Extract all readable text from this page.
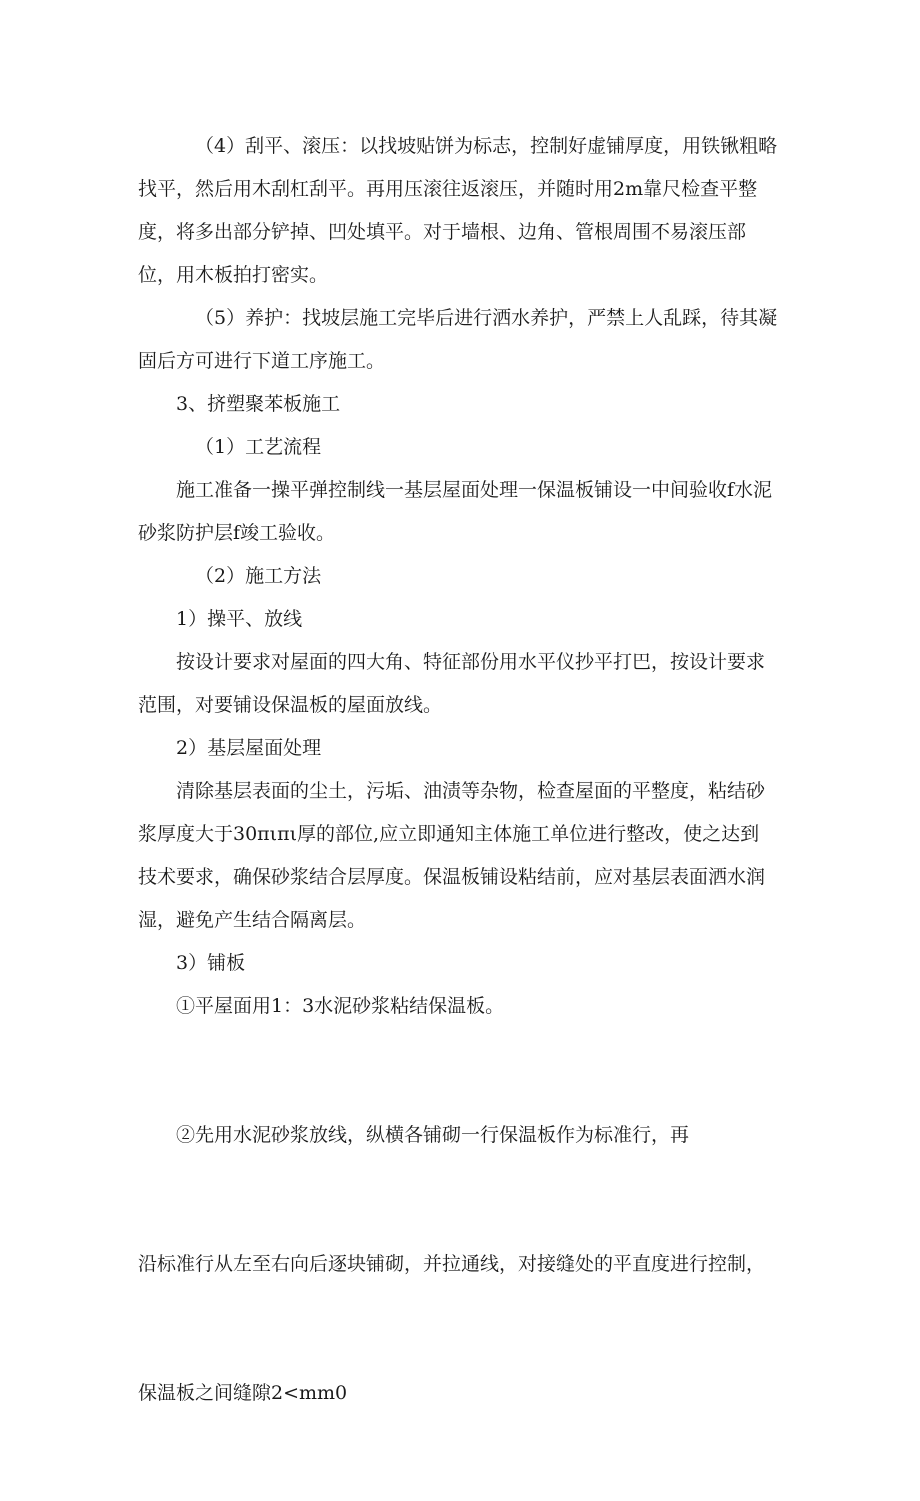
（4）刮平、滚压：以找坡贴饼为标志，控制好虚铺厚度，用铁锹粗略找平，然后用木刮杠刮平。再用压滚往返滚压，并随时用2m靠尺检查平整度，将多出部分铲掉、凹处填平。对于墙根、边角、管根周围不易滚压部位，用木板拍打密实。

（5）养护：找坡层施工完毕后进行洒水养护，严禁上人乱踩，待其凝固后方可进行下道工序施工。

3、挤塑聚苯板施工

（1）工艺流程

施工准备一操平弹控制线一基层屋面处理一保温板铺设一中间验收f水泥砂浆防护层f竣工验收。

（2）施工方法

1）操平、放线

按设计要求对屋面的四大角、特征部份用水平仪抄平打巴，按设计要求范围，对要铺设保温板的屋面放线。

2）基层屋面处理

清除基层表面的尘土，污垢、油渍等杂物，检查屋面的平整度，粘结砂浆厚度大于30πιπι厚的部位,应立即通知主体施工单位进行整改，使之达到技术要求，确保砂浆结合层厚度。保温板铺设粘结前，应对基层表面洒水润湿，避免产生结合隔离层。

3）铺板

①平屋面用1：3水泥砂浆粘结保温板。

②先用水泥砂浆放线，纵横各铺砌一行保温板作为标准行，再

沿标准行从左至右向后逐块铺砌，并拉通线，对接缝处的平直度进行控制，

保温板之间缝隙2<mm0
